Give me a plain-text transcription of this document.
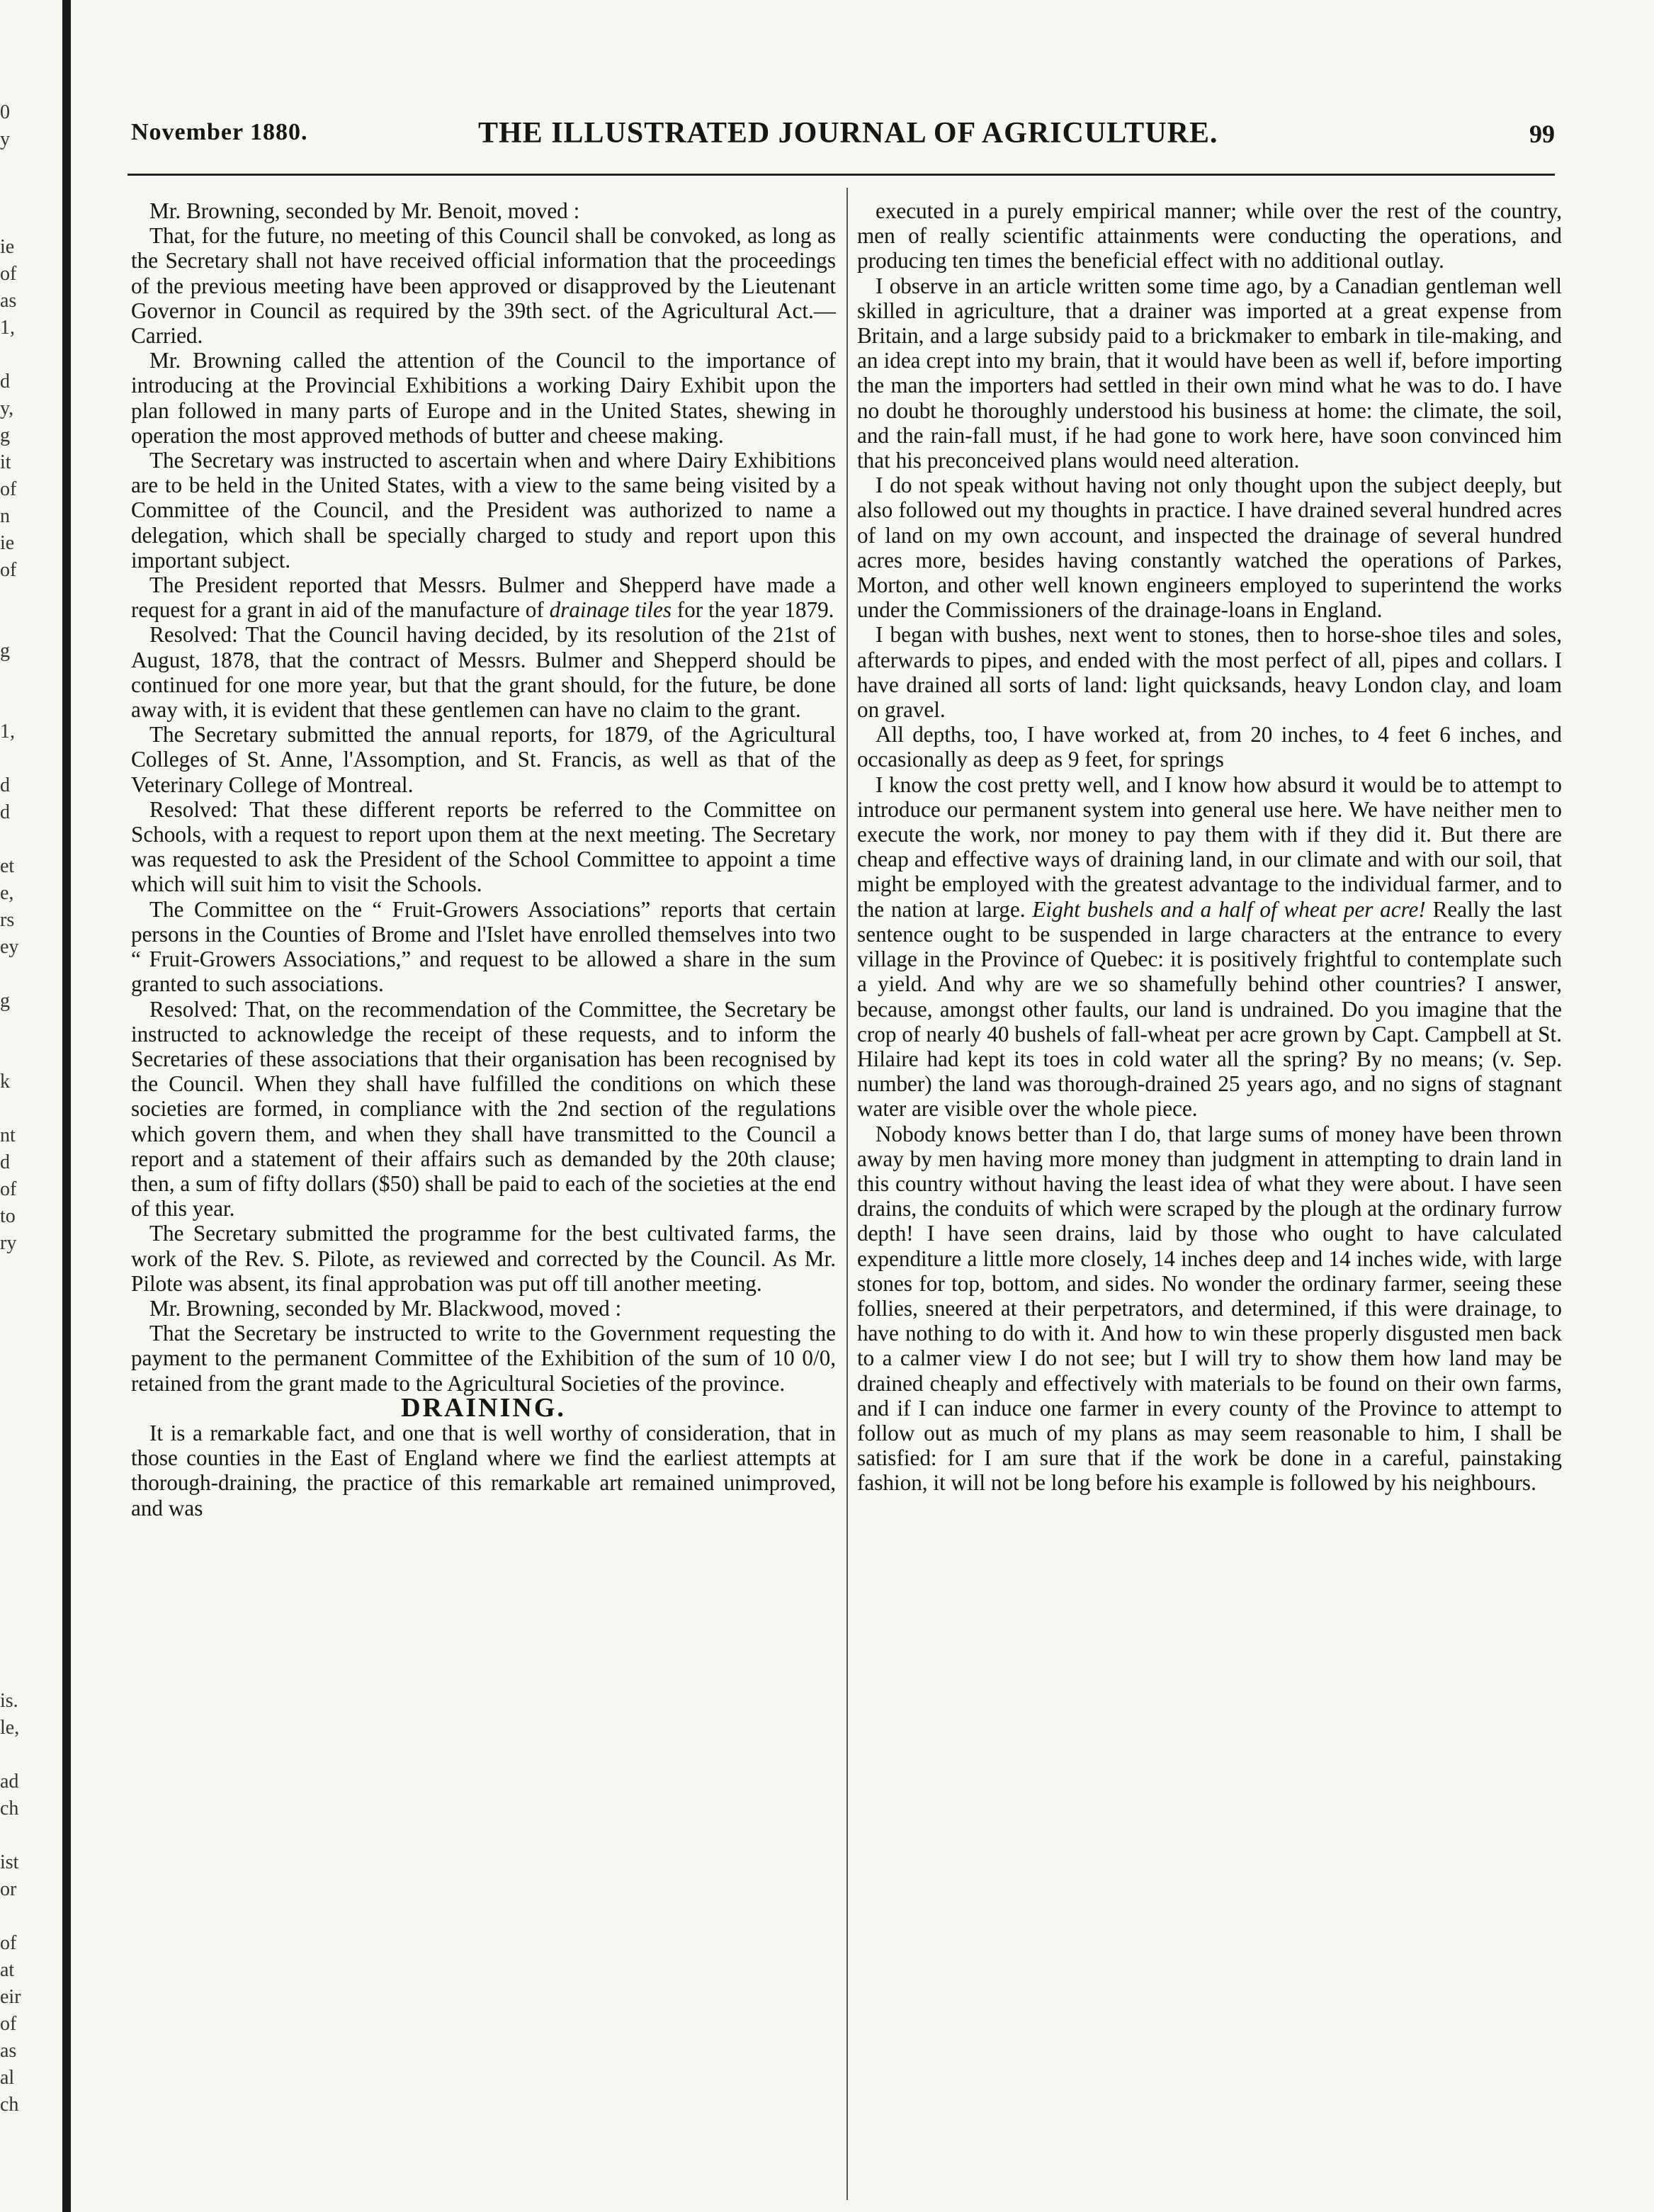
0
y
ie
of
as
1,
d
y,
g
it
of
n
ie
of
g
1,
d
d
et
e,
rs
ey
g
k
nt
d
of
to
ry
is.
le,
ad
ch
ist
or
of
at
eir
of
as
al
ch
November 1880.	THE ILLUSTRATED JOURNAL OF AGRICULTURE.	99

Mr. Browning, seconded by Mr. Benoit, moved :

That, for the future, no meeting of this Council shall be convoked, as long as the Secretary shall not have received official information that the proceedings of the previous meeting have been approved or disapproved by the Lieutenant Governor in Council as required by the 39th sect. of the Agricultural Act.—Carried.

Mr. Browning called the attention of the Council to the importance of introducing at the Provincial Exhibitions a working Dairy Exhibit upon the plan followed in many parts of Europe and in the United States, shewing in operation the most approved methods of butter and cheese making.

The Secretary was instructed to ascertain when and where Dairy Exhibitions are to be held in the United States, with a view to the same being visited by a Committee of the Council, and the President was authorized to name a delegation, which shall be specially charged to study and report upon this important subject.

The President reported that Messrs. Bulmer and Shepperd have made a request for a grant in aid of the manufacture of drainage tiles for the year 1879.

Resolved: That the Council having decided, by its resolution of the 21st of August, 1878, that the contract of Messrs. Bulmer and Shepperd should be continued for one more year, but that the grant should, for the future, be done away with, it is evident that these gentlemen can have no claim to the grant.

The Secretary submitted the annual reports, for 1879, of the Agricultural Colleges of St. Anne, l'Assomption, and St. Francis, as well as that of the Veterinary College of Montreal.

Resolved: That these different reports be referred to the Committee on Schools, with a request to report upon them at the next meeting. The Secretary was requested to ask the President of the School Committee to appoint a time which will suit him to visit the Schools.

The Committee on the “ Fruit-Growers Associations” reports that certain persons in the Counties of Brome and l'Islet have enrolled themselves into two “ Fruit-Growers Associations,” and request to be allowed a share in the sum granted to such associations.

Resolved: That, on the recommendation of the Committee, the Secretary be instructed to acknowledge the receipt of these requests, and to inform the Secretaries of these associations that their organisation has been recognised by the Council. When they shall have fulfilled the conditions on which these societies are formed, in compliance with the 2nd section of the regulations which govern them, and when they shall have transmitted to the Council a report and a statement of their affairs such as demanded by the 20th clause; then, a sum of fifty dollars ($50) shall be paid to each of the societies at the end of this year.

The Secretary submitted the programme for the best cultivated farms, the work of the Rev. S. Pilote, as reviewed and corrected by the Council. As Mr. Pilote was absent, its final approbation was put off till another meeting.

Mr. Browning, seconded by Mr. Blackwood, moved :

That the Secretary be instructed to write to the Government requesting the payment to the permanent Committee of the Exhibition of the sum of 10 0/0, retained from the grant made to the Agricultural Societies of the province.

DRAINING.

It is a remarkable fact, and one that is well worthy of consideration, that in those counties in the East of England where we find the earliest attempts at thorough-draining, the practice of this remarkable art remained unimproved, and was

executed in a purely empirical manner; while over the rest of the country, men of really scientific attainments were conducting the operations, and producing ten times the beneficial effect with no additional outlay.

I observe in an article written some time ago, by a Canadian gentleman well skilled in agriculture, that a drainer was imported at a great expense from Britain, and a large subsidy paid to a brickmaker to embark in tile-making, and an idea crept into my brain, that it would have been as well if, before importing the man the importers had settled in their own mind what he was to do. I have no doubt he thoroughly understood his business at home: the climate, the soil, and the rain-fall must, if he had gone to work here, have soon convinced him that his preconceived plans would need alteration.

I do not speak without having not only thought upon the subject deeply, but also followed out my thoughts in practice. I have drained several hundred acres of land on my own account, and inspected the drainage of several hundred acres more, besides having constantly watched the operations of Parkes, Morton, and other well known engineers employed to superintend the works under the Commissioners of the drainage-loans in England.

I began with bushes, next went to stones, then to horse-shoe tiles and soles, afterwards to pipes, and ended with the most perfect of all, pipes and collars. I have drained all sorts of land: light quicksands, heavy London clay, and loam on gravel.

All depths, too, I have worked at, from 20 inches, to 4 feet 6 inches, and occasionally as deep as 9 feet, for springs

I know the cost pretty well, and I know how absurd it would be to attempt to introduce our permanent system into general use here. We have neither men to execute the work, nor money to pay them with if they did it. But there are cheap and effective ways of draining land, in our climate and with our soil, that might be employed with the greatest advantage to the individual farmer, and to the nation at large. Eight bushels and a half of wheat per acre! Really the last sentence ought to be suspended in large characters at the entrance to every village in the Province of Quebec: it is positively frightful to contemplate such a yield. And why are we so shamefully behind other countries? I answer, because, amongst other faults, our land is undrained. Do you imagine that the crop of nearly 40 bushels of fall-wheat per acre grown by Capt. Campbell at St. Hilaire had kept its toes in cold water all the spring? By no means; (v. Sep. number) the land was thorough-drained 25 years ago, and no signs of stagnant water are visible over the whole piece.

Nobody knows better than I do, that large sums of money have been thrown away by men having more money than judgment in attempting to drain land in this country without having the least idea of what they were about. I have seen drains, the conduits of which were scraped by the plough at the ordinary furrow depth! I have seen drains, laid by those who ought to have calculated expenditure a little more closely, 14 inches deep and 14 inches wide, with large stones for top, bottom, and sides. No wonder the ordinary farmer, seeing these follies, sneered at their perpetrators, and determined, if this were drainage, to have nothing to do with it. And how to win these properly disgusted men back to a calmer view I do not see; but I will try to show them how land may be drained cheaply and effectively with materials to be found on their own farms, and if I can induce one farmer in every county of the Province to attempt to follow out as much of my plans as may seem reasonable to him, I shall be satisfied: for I am sure that if the work be done in a careful, painstaking fashion, it will not be long before his example is followed by his neighbours.
